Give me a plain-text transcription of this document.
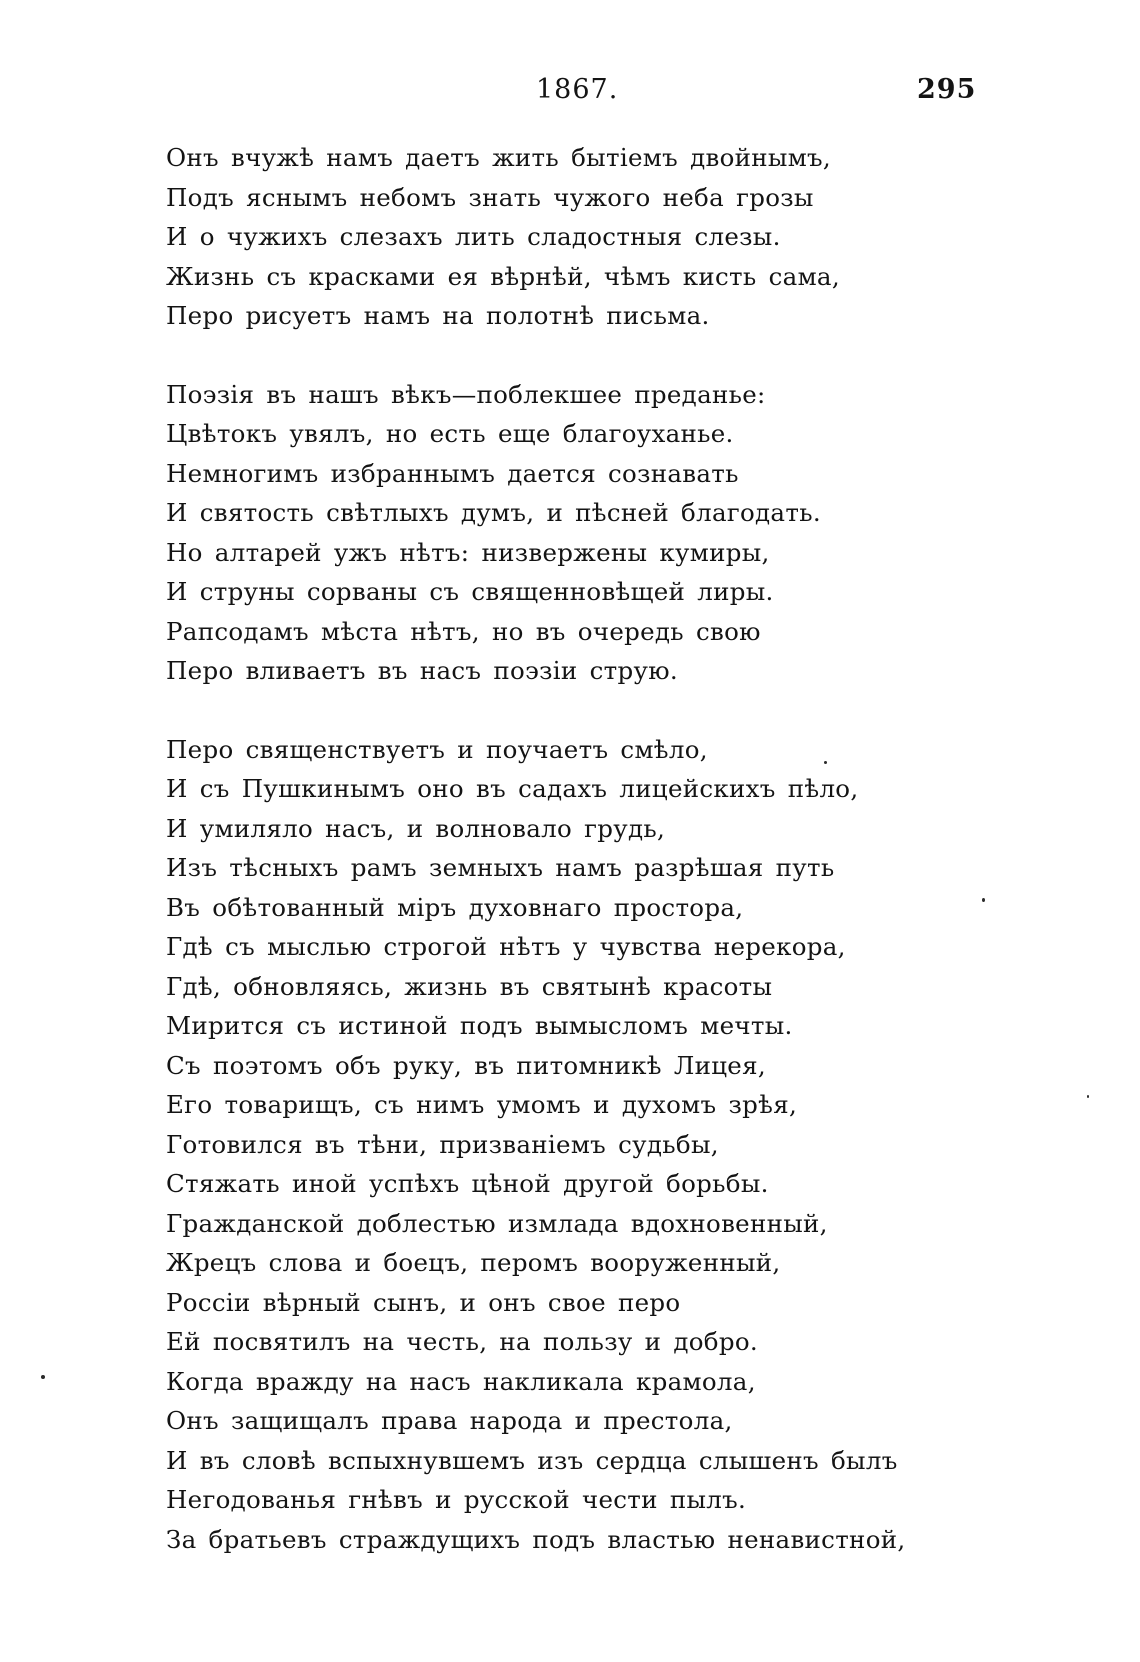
1867.	295
Онъ вчужѣ намъ даетъ жить бытіемъ двойнымъ,
Подъ яснымъ небомъ знать чужого неба грозы
И о чужихъ слезахъ лить сладостныя слезы.
Жизнь съ красками ея вѣрнѣй, чѣмъ кисть сама,
Перо рисуетъ намъ на полотнѣ письма.
Поэзія въ нашъ вѣкъ—поблекшее преданье:
Цвѣтокъ увялъ, но есть еще благоуханье.
Немногимъ избраннымъ дается сознавать
И святость свѣтлыхъ думъ, и пѣсней благодать.
Но алтарей ужъ нѣтъ: низвержены кумиры,
И струны сорваны съ священновѣщей лиры.
Рапсодамъ мѣста нѣтъ, но въ очередь свою
Перо вливаетъ въ насъ поэзіи струю.
Перо священствуетъ и поучаетъ смѣло,
И съ Пушкинымъ оно въ садахъ лицейскихъ пѣло,
И умиляло насъ, и волновало грудь,
Изъ тѣсныхъ рамъ земныхъ намъ разрѣшая путь
Въ обѣтованный міръ духовнаго простора,
Гдѣ съ мыслью строгой нѣтъ у чувства нерекора,
Гдѣ, обновляясь, жизнь въ святынѣ красоты
Мирится съ истиной подъ вымысломъ мечты.
Съ поэтомъ объ руку, въ питомникѣ Лицея,
Его товарищъ, съ нимъ умомъ и духомъ зрѣя,
Готовился въ тѣни, призваніемъ судьбы,
Стяжать иной успѣхъ цѣной другой борьбы.
Гражданской доблестью измлада вдохновенный,
Жрецъ слова и боецъ, перомъ вооруженный,
Россіи вѣрный сынъ, и онъ свое перо
Ей посвятилъ на честь, на пользу и добро.
Когда вражду на насъ накликала крамола,
Онъ защищалъ права народа и престола,
И въ словѣ вспыхнувшемъ изъ сердца слышенъ былъ
Негодованья гнѣвъ и русской чести пылъ.
За братьевъ страждущихъ подъ властью ненавистной,
